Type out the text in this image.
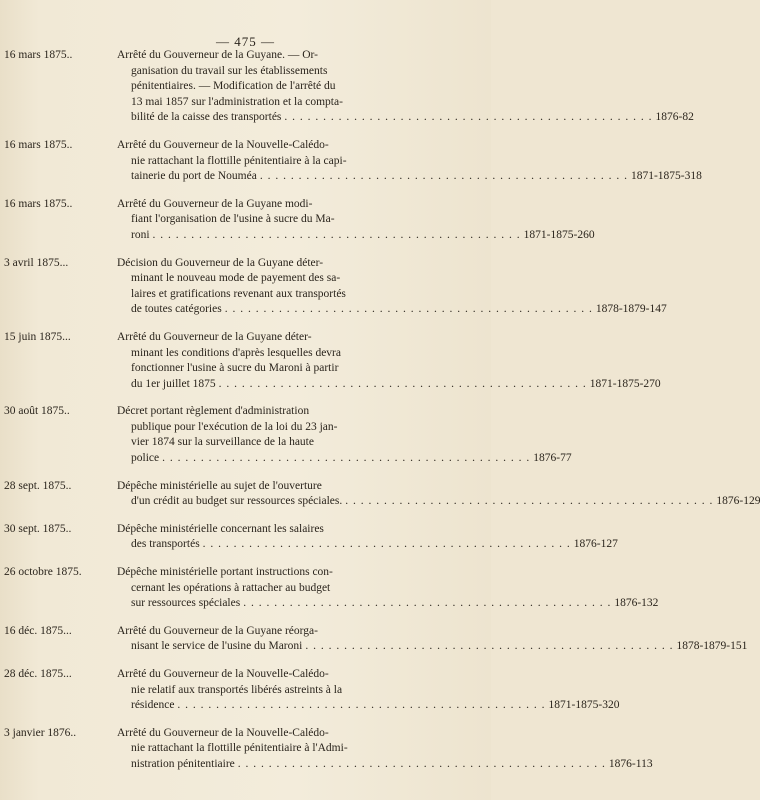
— 475 —
16 mars 1875..	Arrêté du Gouverneur de la Guyane. — Or-
ganisation du travail sur les établissements
pénitentiaires. — Modification de l'arrêté du
13 mai 1857 sur l'administration et la compta-
bilité de la caisse des transportés . . . . . . . . . . . . . . . . . . . . . . . . . . . . . . . . . . . . . . . . . . . . . . . . 1876-82
16 mars 1875..	Arrêté du Gouverneur de la Nouvelle-Calédo-
nie rattachant la flottille pénitentiaire à la capi-
tainerie du port de Nouméa . . . . . . . . . . . . . . . . . . . . . . . . . . . . . . . . . . . . . . . . . . . . . . . . 1871-1875-318
16 mars 1875..	Arrêté du Gouverneur de la Guyane modi-
fiant l'organisation de l'usine à sucre du Ma-
roni . . . . . . . . . . . . . . . . . . . . . . . . . . . . . . . . . . . . . . . . . . . . . . . . 1871-1875-260
3 avril 1875...	Décision du Gouverneur de la Guyane déter-
minant le nouveau mode de payement des sa-
laires et gratifications revenant aux transportés
de toutes catégories . . . . . . . . . . . . . . . . . . . . . . . . . . . . . . . . . . . . . . . . . . . . . . . . 1878-1879-147
15 juin 1875...	Arrêté du Gouverneur de la Guyane déter-
minant les conditions d'après lesquelles devra
fonctionner l'usine à sucre du Maroni à partir
du 1er juillet 1875 . . . . . . . . . . . . . . . . . . . . . . . . . . . . . . . . . . . . . . . . . . . . . . . . 1871-1875-270
30 août 1875..	Décret portant règlement d'administration
publique pour l'exécution de la loi du 23 jan-
vier 1874 sur la surveillance de la haute
police . . . . . . . . . . . . . . . . . . . . . . . . . . . . . . . . . . . . . . . . . . . . . . . . 1876-77
28 sept. 1875..	Dépêche ministérielle au sujet de l'ouverture
d'un crédit au budget sur ressources spéciales. . . . . . . . . . . . . . . . . . . . . . . . . . . . . . . . . . . . . . . . . . . . . . . . . 1876-129
30 sept. 1875..	Dépêche ministérielle concernant les salaires
des transportés . . . . . . . . . . . . . . . . . . . . . . . . . . . . . . . . . . . . . . . . . . . . . . . . 1876-127
26 octobre 1875.	Dépêche ministérielle portant instructions con-
cernant les opérations à rattacher au budget
sur ressources spéciales . . . . . . . . . . . . . . . . . . . . . . . . . . . . . . . . . . . . . . . . . . . . . . . . 1876-132
16 déc. 1875...	Arrêté du Gouverneur de la Guyane réorga-
nisant le service de l'usine du Maroni . . . . . . . . . . . . . . . . . . . . . . . . . . . . . . . . . . . . . . . . . . . . . . . . 1878-1879-151
28 déc. 1875...	Arrêté du Gouverneur de la Nouvelle-Calédo-
nie relatif aux transportés libérés astreints à la
résidence . . . . . . . . . . . . . . . . . . . . . . . . . . . . . . . . . . . . . . . . . . . . . . . . 1871-1875-320
3 janvier 1876..	Arrêté du Gouverneur de la Nouvelle-Calédo-
nie rattachant la flottille pénitentiaire à l'Admi-
nistration pénitentiaire . . . . . . . . . . . . . . . . . . . . . . . . . . . . . . . . . . . . . . . . . . . . . . . . 1876-113
